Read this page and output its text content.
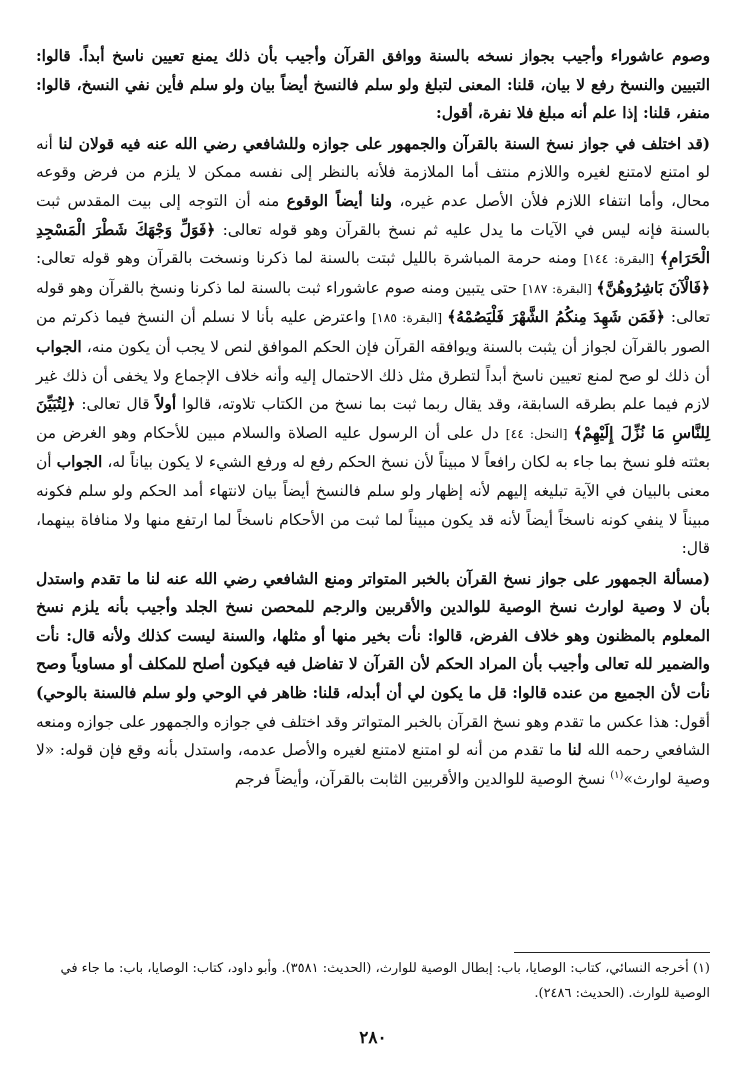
وصوم عاشوراء وأجيب بجواز نسخه بالسنة ووافق القرآن وأجيب بأن ذلك يمنع تعيين ناسخ أبداً. قالوا: التبيين والنسخ رفع لا بيان، قلنا: المعنى لتبلغ ولو سلم فالنسخ أيضاً بيان ولو سلم فأين نفي النسخ، قالوا: منفر، قلنا: إذا علم أنه مبلغ فلا نفرة، أقول:

(قد اختلف في جواز نسخ السنة بالقرآن والجمهور على جوازه وللشافعي رضي الله عنه فيه قولان لنا أنه لو امتنع لامتنع لغيره واللازم منتف أما الملازمة فلأنه بالنظر إلى نفسه ممكن لا يلزم من فرض وقوعه محال، وأما انتفاء اللازم فلأن الأصل عدم غيره، ولنا أيضاً الوقوع منه أن التوجه إلى بيت المقدس ثبت بالسنة فإنه ليس في الآيات ما يدل عليه ثم نسخ بالقرآن وهو قوله تعالى: ﴿فَوَلِّ وَجْهَكَ شَطْرَ الْمَسْجِدِ الْحَرَامِ﴾ [البقرة: ١٤٤] ومنه حرمة المباشرة بالليل ثبتت بالسنة لما ذكرنا ونسخت بالقرآن وهو قوله تعالى: ﴿فَالْآنَ بَاشِرُوهُنَّ﴾ [البقرة: ١٨٧] حتى يتبين ومنه صوم عاشوراء ثبت بالسنة لما ذكرنا ونسخ بالقرآن وهو قوله تعالى: ﴿فَمَن شَهِدَ مِنكُمُ الشَّهْرَ فَلْيَصُمْهُ﴾ [البقرة: ١٨٥] واعترض عليه بأنا لا نسلم أن النسخ فيما ذكرتم من الصور بالقرآن لجواز أن يثبت بالسنة ويوافقه القرآن فإن الحكم الموافق لنص لا يجب أن يكون منه، الجواب أن ذلك لو صح لمنع تعيين ناسخ أبداً لتطرق مثل ذلك الاحتمال إليه وأنه خلاف الإجماع ولا يخفى أن ذلك غير لازم فيما علم بطرقه السابقة، وقد يقال ربما ثبت بما نسخ من الكتاب تلاوته، قالوا أولاً قال تعالى: ﴿لِتُبَيِّنَ لِلنَّاسِ مَا نُزِّلَ إِلَيْهِمْ﴾ [النحل: ٤٤] دل على أن الرسول عليه الصلاة والسلام مبين للأحكام وهو الغرض من بعثته فلو نسخ بما جاء به لكان رافعاً لا مبيناً لأن نسخ الحكم رفع له ورفع الشيء لا يكون بياناً له، الجواب أن معنى بالبيان في الآية تبليغه إليهم لأنه إظهار ولو سلم فالنسخ أيضاً بيان لانتهاء أمد الحكم ولو سلم فكونه مبيناً لا ينفي كونه ناسخاً أيضاً لأنه قد يكون مبيناً لما ثبت من الأحكام ناسخاً لما ارتفع منها ولا منافاة بينهما، قال:

(مسألة الجمهور على جواز نسخ القرآن بالخبر المتواتر ومنع الشافعي رضي الله عنه لنا ما تقدم واستدل بأن لا وصية لوارث نسخ الوصية للوالدين والأقربين والرجم للمحصن نسخ الجلد وأجيب بأنه يلزم نسخ المعلوم بالمظنون وهو خلاف الفرض، قالوا: نأت بخير منها أو مثلها، والسنة ليست كذلك ولأنه قال: نأت والضمير لله تعالى وأجيب بأن المراد الحكم لأن القرآن لا تفاضل فيه فيكون أصلح للمكلف أو مساوياً وصح نأت لأن الجميع من عنده قالوا: قل ما يكون لي أن أبدله، قلنا: ظاهر في الوحي ولو سلم فالسنة بالوحي) أقول: هذا عكس ما تقدم وهو نسخ القرآن بالخبر المتواتر وقد اختلف في جوازه والجمهور على جوازه ومنعه الشافعي رحمه الله لنا ما تقدم من أنه لو امتنع لامتنع لغيره والأصل عدمه، واستدل بأنه وقع فإن قوله: «لا وصية لوارث»$^{(١)}$ نسخ الوصية للوالدين والأقربين الثابت بالقرآن، وأيضاً فرجم

(١) أخرجه النسائي، كتاب: الوصايا، باب: إبطال الوصية للوارث، (الحديث: ٣٥٨١). وأبو داود، كتاب: الوصايا، باب: ما جاء في الوصية للوارث. (الحديث: ٢٤٨٦).
٢٨٠
